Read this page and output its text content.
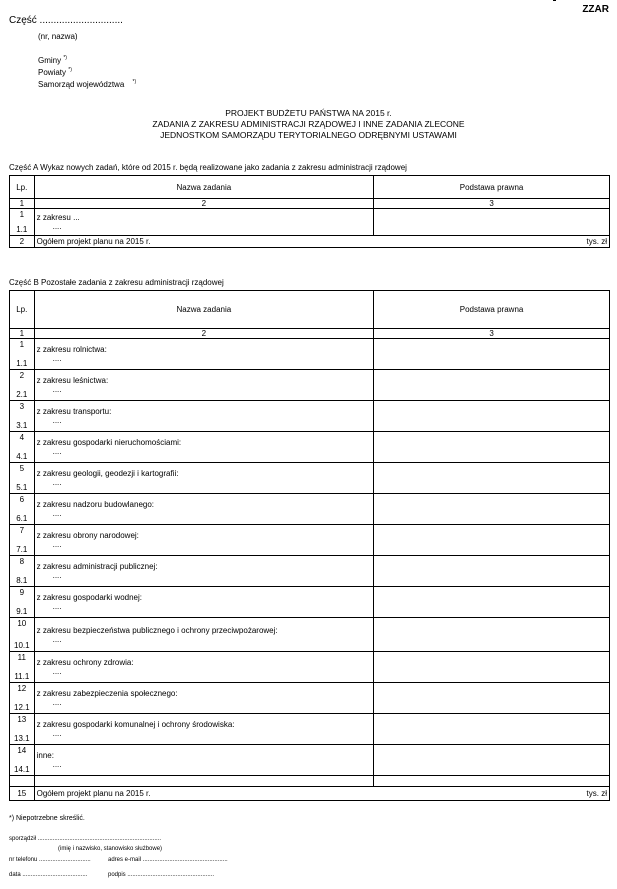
ZZAR
Część ..............................
(nr, nazwa)
Gminy *)
Powiaty *)
Samorząd województwa *)
PROJEKT BUDŻETU PAŃSTWA NA 2015 r.
ZADANIA Z ZAKRESU ADMINISTRACJI RZĄDOWEJ I INNE ZADANIA ZLECONE
JEDNOSTKOM SAMORZĄDU TERYTORIALNEGO ODRĘBNYMI USTAWAMI
Część A Wykaz nowych zadań, które od 2015 r. będą realizowane jako zadania z zakresu administracji rządowej
Lp.	Nazwa zadania	Podstawa prawna
1	2	3

1
1.1	z zakresu ...
....	

2	Ogółem projekt planu na 2015 r. tys. zł	
Część B Pozostałe zadania z zakresu administracji rządowej
Lp.	Nazwa zadania	Podstawa prawna
1	2	3

1
1.1	z zakresu rolnictwa:
....	

2
2.1	z zakresu leśnictwa:
....	

3
3.1	z zakresu transportu:
....	

4
4.1	z zakresu gospodarki nieruchomościami:
....	

5
5.1	z zakresu geologii, geodezji i kartografii:
....	

6
6.1	z zakresu nadzoru budowlanego:
....	

7
7.1	z zakresu obrony narodowej:
....	

8
8.1	z zakresu administracji publicznej:
....	

9
9.1	z zakresu gospodarki wodnej:
....	

10
10.1	z zakresu bezpieczeństwa publicznego i ochrony przeciwpożarowej:
....	

11
11.1	z zakresu ochrony zdrowia:
....	

12
12.1	z zakresu zabezpieczenia społecznego:
....	

13
13.1	z zakresu gospodarki komunalnej i ochrony środowiska:
....	

14
14.1	inne:
....	

15	Ogółem projekt planu na 2015 r. tys. zł	
*) Niepotrzebne skreślić.
sporządził ..........................................................................
(imię i nazwisko, stanowisko służbowe)
nr telefonu ...............................	adres e-mail ...................................................
data .......................................	podpis ....................................................
